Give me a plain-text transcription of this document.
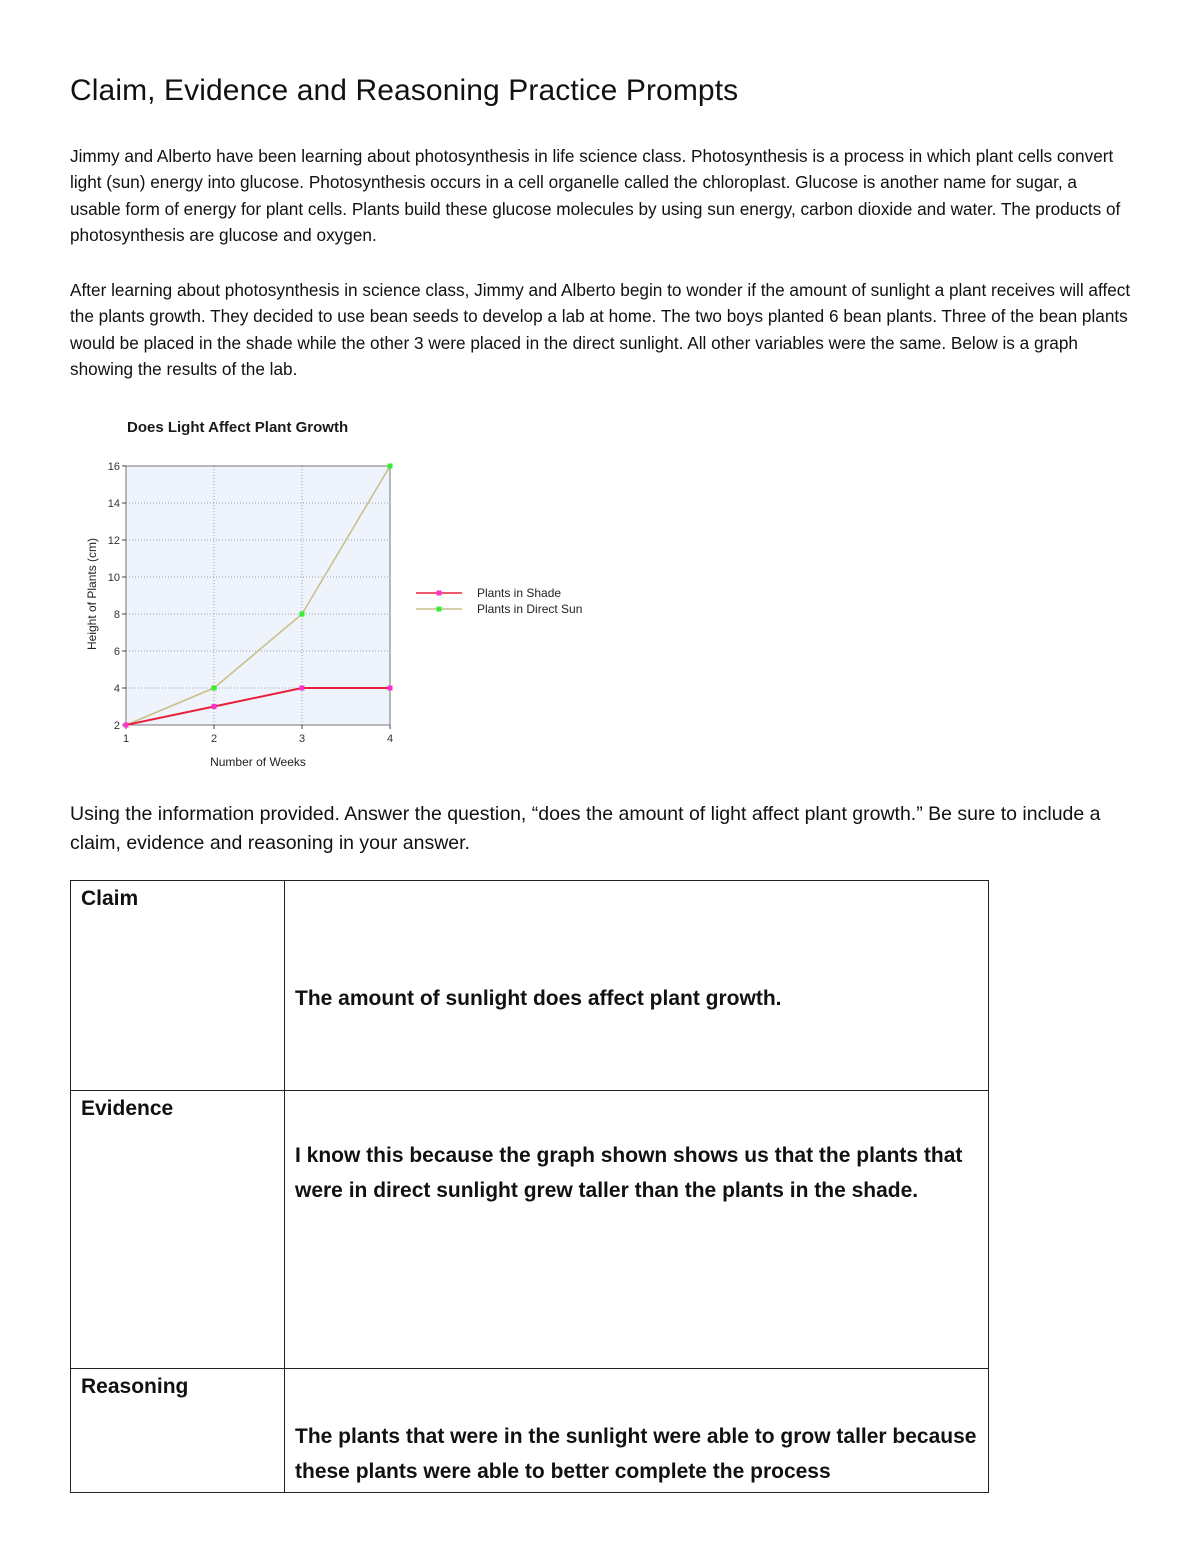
Claim, Evidence and Reasoning Practice Prompts

Jimmy and Alberto have been learning about photosynthesis in life science class. Photosynthesis is a process in which plant cells convert light (sun) energy into glucose. Photosynthesis occurs in a cell organelle called the chloroplast. Glucose is another name for sugar, a usable form of energy for plant cells. Plants build these glucose molecules by using sun energy, carbon dioxide and water. The products of photosynthesis are glucose and oxygen.

After learning about photosynthesis in science class, Jimmy and Alberto begin to wonder if the amount of sunlight a plant receives will affect the plants growth. They decided to use bean seeds to develop a lab at home. The two boys planted 6 bean plants. Three of the bean plants would be placed in the shade while the other 3 were placed in the direct sunlight. All other variables were the same. Below is a graph showing the results of the lab.

Does Light Affect Plant Growth
2
4
6
8
10
12
14
16
1	2	3	4
Plants in Shade
Plants in Direct Sun
Number of Weeks
Height of Plants (cm)

Using the information provided. Answer the question, “does the amount of light affect plant growth.” Be sure to include a claim, evidence and reasoning in your answer.

Claim	The amount of sunlight does affect plant growth.

Evidence	I know this because the graph shown shows us that the plants that were in direct sunlight grew taller than the plants in the shade.

Reasoning	The plants that were in the sunlight were able to grow taller because these plants were able to better complete the process
